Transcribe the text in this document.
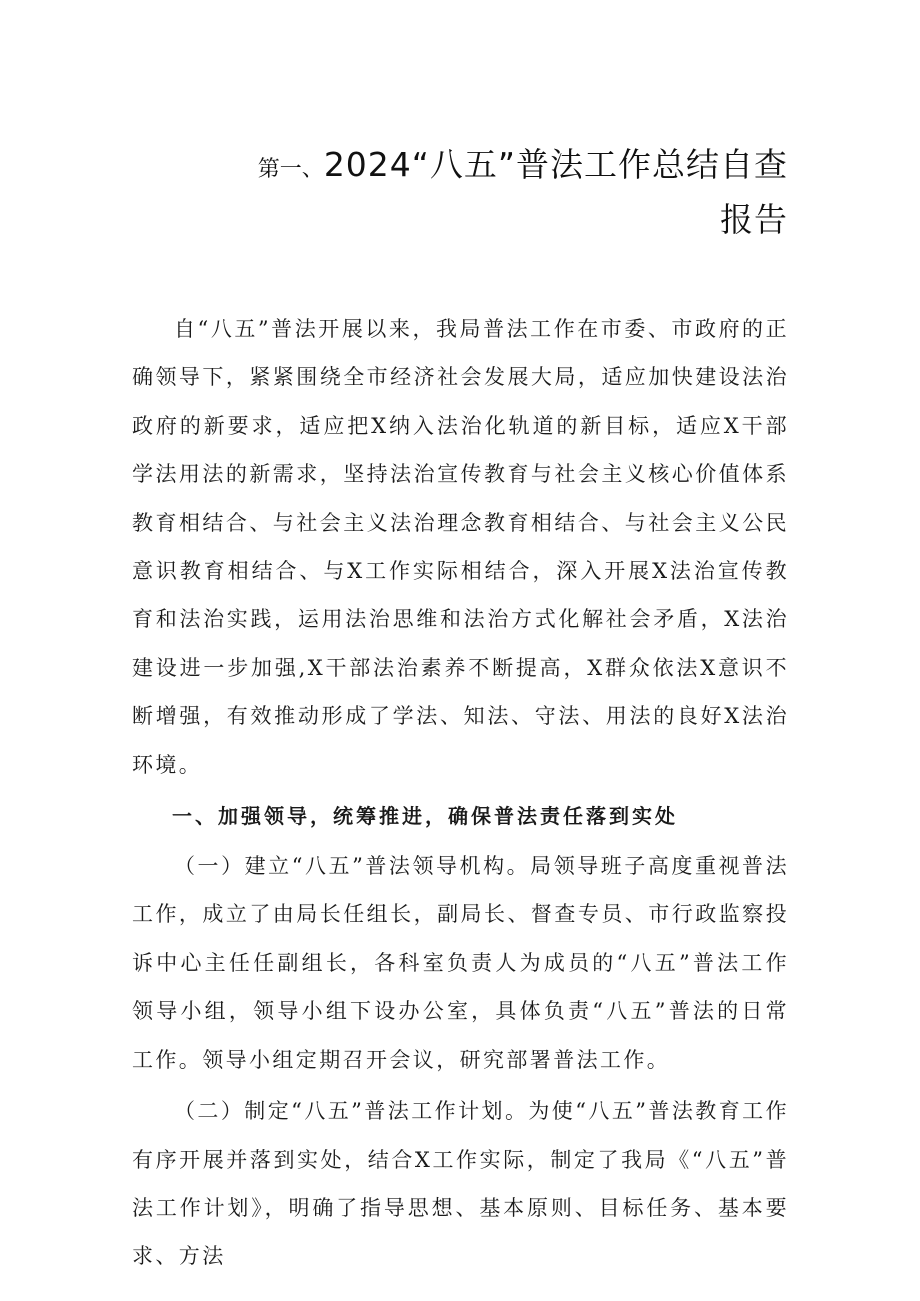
第一、2024“八五”普法工作总结自查
报告

自“八五”普法开展以来，我局普法工作在市委、市政府的正确领导下，紧紧围绕全市经济社会发展大局，适应加快建设法治政府的新要求，适应把X纳入法治化轨道的新目标，适应X干部学法用法的新需求，坚持法治宣传教育与社会主义核心价值体系教育相结合、与社会主义法治理念教育相结合、与社会主义公民意识教育相结合、与X工作实际相结合，深入开展X法治宣传教育和法治实践，运用法治思维和法治方式化解社会矛盾，X法治建设进一步加强,X干部法治素养不断提高，X群众依法X意识不断增强，有效推动形成了学法、知法、守法、用法的良好X法治环境。

一、加强领导，统筹推进，确保普法责任落到实处

（一）建立“八五”普法领导机构。局领导班子高度重视普法工作，成立了由局长任组长，副局长、督查专员、市行政监察投诉中心主任任副组长，各科室负责人为成员的“八五”普法工作领导小组，领导小组下设办公室，具体负责“八五”普法的日常工作。领导小组定期召开会议，研究部署普法工作。

（二）制定“八五”普法工作计划。为使“八五”普法教育工作有序开展并落到实处，结合X工作实际，制定了我局《“八五”普法工作计划》，明确了指导思想、基本原则、目标任务、基本要求、方法
